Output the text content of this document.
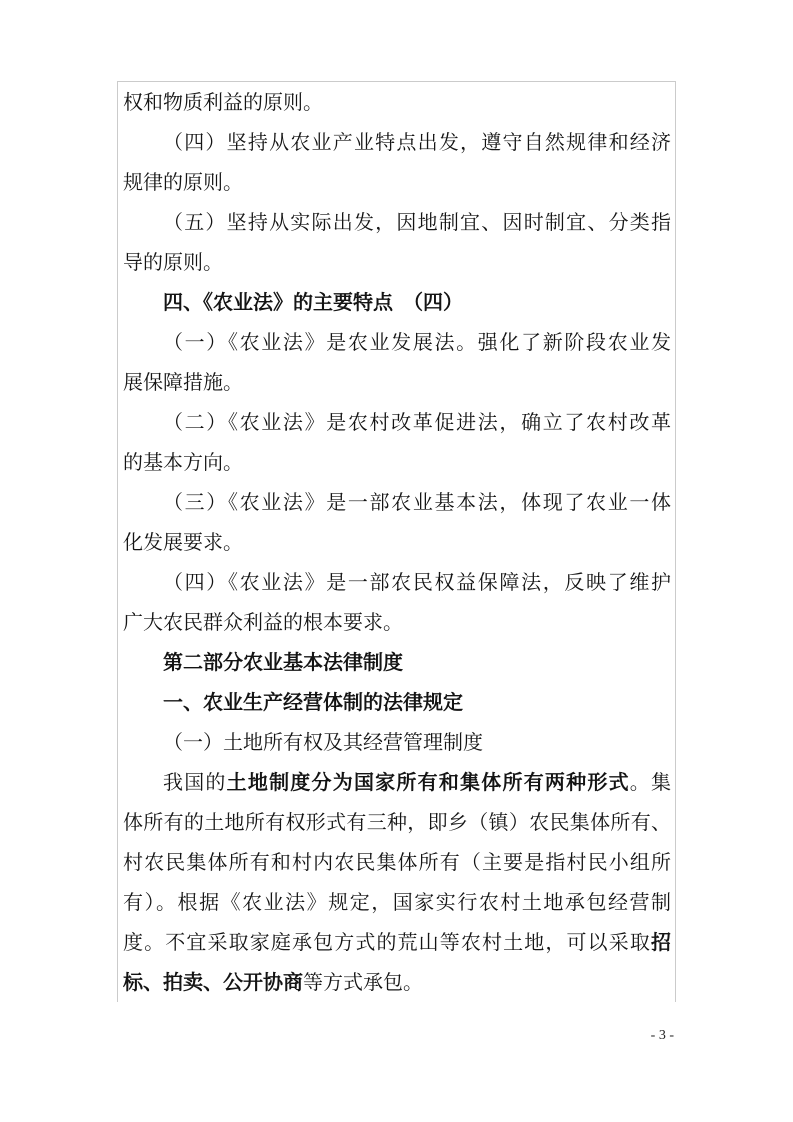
权和物质利益的原则。
（四）坚持从农业产业特点出发，遵守自然规律和经济
规律的原则。
（五）坚持从实际出发，因地制宜、因时制宜、分类指
导的原则。
四、《农业法》的主要特点　（四）
（一）《农业法》是农业发展法。强化了新阶段农业发
展保障措施。
（二）《农业法》是农村改革促进法，确立了农村改革
的基本方向。
（三）《农业法》是一部农业基本法，体现了农业一体
化发展要求。
（四）《农业法》是一部农民权益保障法，反映了维护
广大农民群众利益的根本要求。
第二部分农业基本法律制度
一、农业生产经营体制的法律规定
（一）土地所有权及其经营管理制度
我国的土地制度分为国家所有和集体所有两种形式。集
体所有的土地所有权形式有三种，即乡（镇）农民集体所有、
村农民集体所有和村内农民集体所有（主要是指村民小组所
有）。根据《农业法》规定，国家实行农村土地承包经营制
度。不宜采取家庭承包方式的荒山等农村土地，可以采取招
标、拍卖、公开协商等方式承包。
- 3 -
